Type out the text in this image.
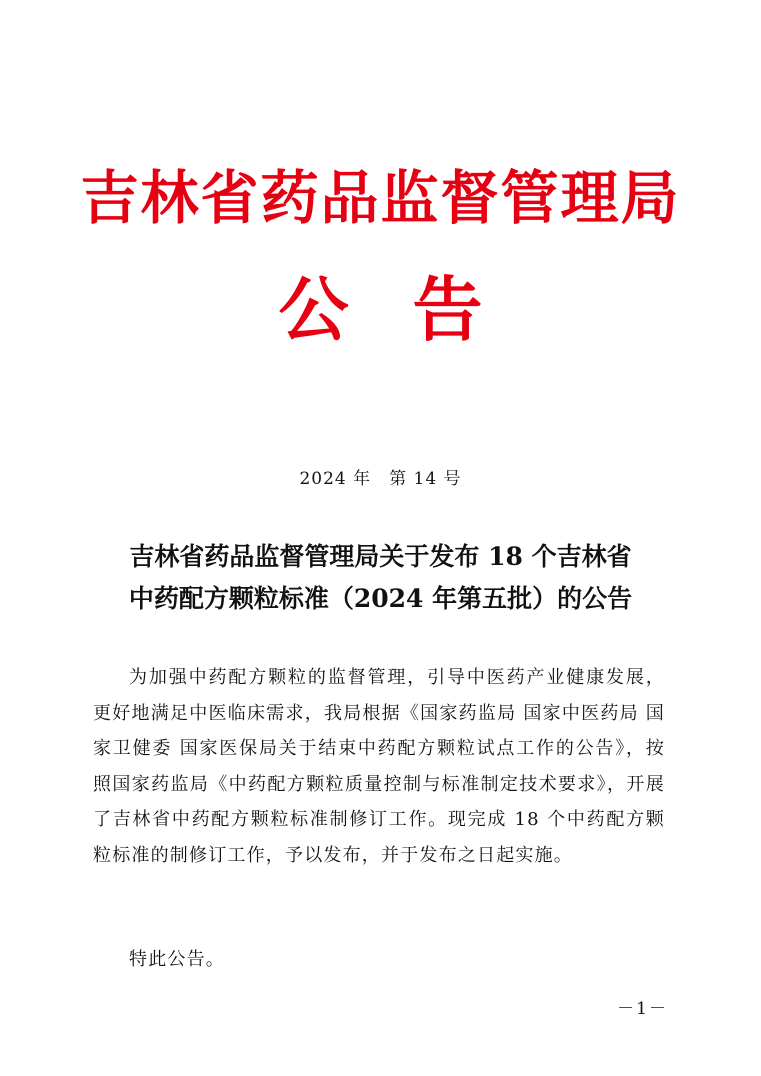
吉林省药品监督管理局
公 告
2024 年 第 14 号
吉林省药品监督管理局关于发布 18 个吉林省
中药配方颗粒标准（2024 年第五批）的公告
为加强中药配方颗粒的监督管理，引导中医药产业健康发展，更好地满足中医临床需求，我局根据《国家药监局 国家中医药局 国家卫健委 国家医保局关于结束中药配方颗粒试点工作的公告》，按照国家药监局《中药配方颗粒质量控制与标准制定技术要求》，开展了吉林省中药配方颗粒标准制修订工作。现完成 18 个中药配方颗粒标准的制修订工作，予以发布，并于发布之日起实施。
特此公告。
－1－
